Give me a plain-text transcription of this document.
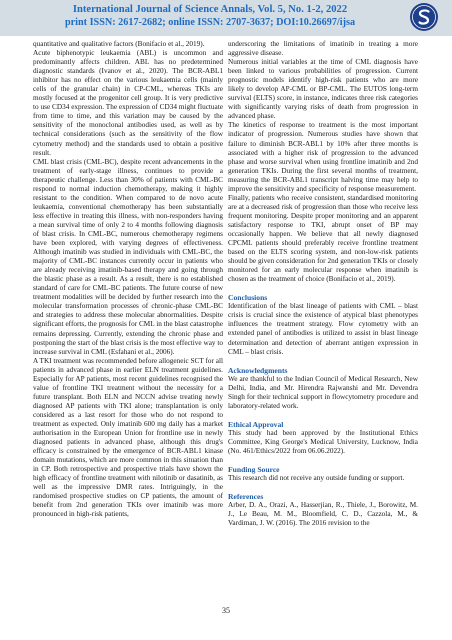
International Journal of Science Annals, Vol. 5, No. 1-2, 2022
print ISSN: 2617-2682; online ISSN: 2707-3637; DOI:10.26697/ijsa

quantitative and qualitative factors (Bonifacio et al., 2019).

Acute biphenotypic leukaemia (ABL) is uncommon and predominantly affects children. ABL has no predetermined diagnostic standards (Ivanov et al., 2020). The BCR-ABL1 inhibitor has no effect on the various leukaemia cells (mainly cells of the granular chain) in CP-CML, whereas TKIs are mostly focused at the progenitor cell group. It is very predictive to use CD34 expression. The expression of CD34 might fluctuate from time to time, and this variation may be caused by the sensitivity of the monoclonal antibodies used, as well as by technical considerations (such as the sensitivity of the flow cytometry method) and the standards used to obtain a positive result.

CML blast crisis (CML-BC), despite recent advancements in the treatment of early-stage illness, continues to provide a therapeutic challenge. Less than 30% of patients with CML-BC respond to normal induction chemotherapy, making it highly resistant to the condition. When compared to de novo acute leukaemia, conventional chemotherapy has been substantially less effective in treating this illness, with non-responders having a mean survival time of only 2 to 4 months following diagnosis of blast crisis. In CML-BC, numerous chemotherapy regimens have been explored, with varying degrees of effectiveness. Although imatinib was studied in individuals with CML-BC, the majority of CML-BC instances currently occur in patients who are already receiving imatinib-based therapy and going through the blastic phase as a result. As a result, there is no established standard of care for CML-BC patients. The future course of new treatment modalities will be decided by further research into the molecular transformation processes of chronic-phase CML-BC and strategies to address these molecular abnormalities. Despite significant efforts, the prognosis for CML in the blast catastrophe remains depressing. Currently, extending the chronic phase and postponing the start of the blast crisis is the most effective way to increase survival in CML (Esfahani et al., 2006).

A TKI treatment was recommended before allogeneic SCT for all patients in advanced phase in earlier ELN treatment guidelines. Especially for AP patients, most recent guidelines recognised the value of frontline TKI treatment without the necessity for a future transplant. Both ELN and NCCN advise treating newly diagnosed AP patients with TKI alone; transplantation is only considered as a last resort for those who do not respond to treatment as expected. Only imatinib 600 mg daily has a market authorisation in the European Union for frontline use in newly diagnosed patients in advanced phase, although this drug's efficacy is constrained by the emergence of BCR-ABL1 kinase domain mutations, which are more common in this situation than in CP. Both retrospective and prospective trials have shown the high efficacy of frontline treatment with nilotinib or dasatinib, as well as the impressive DMR rates. Intriguingly, in the randomised prospective studies on CP patients, the amount of benefit from 2nd generation TKIs over imatinib was more pronounced in high-risk patients,

underscoring the limitations of imatinib in treating a more aggressive disease.

Numerous initial variables at the time of CML diagnosis have been linked to various probabilities of progression. Current prognostic models identify high-risk patients who are more likely to develop AP-CML or BP-CML. The EUTOS long-term survival (ELTS) score, in instance, indicates three risk categories with significantly varying risks of death from progression in advanced phase.

The kinetics of response to treatment is the most important indicator of progression. Numerous studies have shown that failure to diminish BCR-ABL1 by 10% after three months is associated with a higher risk of progression to the advanced phase and worse survival when using frontline imatinib and 2nd generation TKIs. During the first several months of treatment, measuring the BCR-ABL1 transcript halving time may help to improve the sensitivity and specificity of response measurement.

Finally, patients who receive consistent, standardised monitoring are at a decreased risk of progression than those who receive less frequent monitoring. Despite proper monitoring and an apparent satisfactory response to TKI, abrupt onset of BP may occasionally happen. We believe that all newly diagnosed CPCML patients should preferably receive frontline treatment based on the ELTS scoring system, and non-low-risk patients should be given consideration for 2nd generation TKIs or closely monitored for an early molecular response when imatinib is chosen as the treatment of choice (Bonifacio et al., 2019).

Conclusions

Identification of the blast lineage of patients with CML – blast crisis is crucial since the existence of atypical blast phenotypes influences the treatment strategy. Flow cytometry with an extended panel of antibodies is utilized to assist in blast lineage determination and detection of aberrant antigen expression in CML – blast crisis.

Acknowledgments

We are thankful to the Indian Council of Medical Research, New Delhi, India, and Mr. Hirendra Rajwanshi and Mr. Devendra Singh for their technical support in flowcytometry procedure and laboratory-related work.

Ethical Approval

This study had been approved by the Institutional Ethics Committee, King George's Medical University, Lucknow, India (No. 461/Ethics/2022 from 06.06.2022).

Funding Source

This research did not receive any outside funding or support.

References

Arber, D. A., Orazi, A., Hasserjian, R., Thiele, J., Borowitz, M. J., Le Beau, M. M., Bloomfield, C. D., Cazzola, M., & Vardiman, J. W. (2016). The 2016 revision to the

35
